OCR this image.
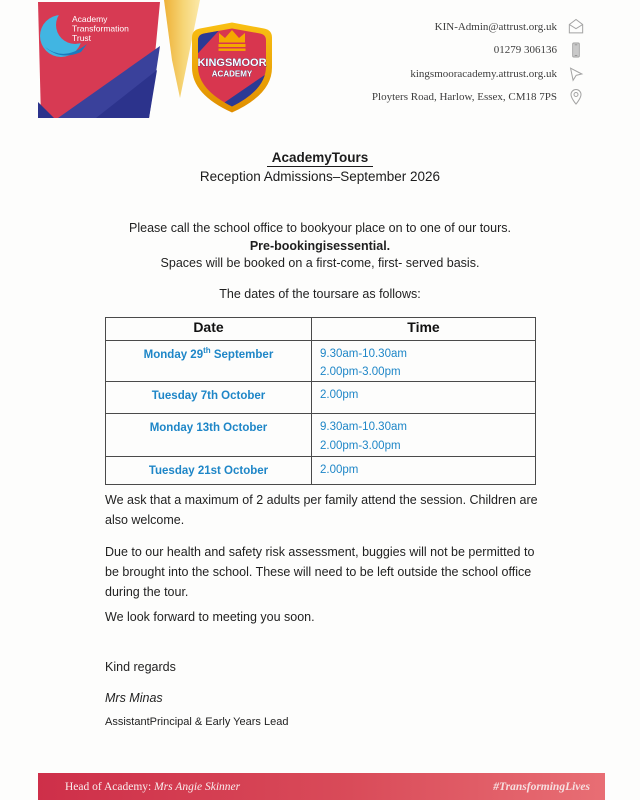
Academy
Transformation
Trust
KINGSMOOR
ACADEMY
KIN-Admin@attrust.org.uk
01279 306136
kingsmooracademy.attrust.org.uk
Ployters Road, Harlow, Essex, CM18 7PS
AcademyTours
Reception Admissions–September 2026
Please call the school office to bookyour place on to one of our tours.
Pre-bookingisessential.
Spaces will be booked on a first-come, first- served basis.
The dates of the toursare as follows:
Date	Time
Monday 29th September	9.30am-10.30am
2.00pm-3.00pm

Tuesday 7th October	2.00pm

Monday 13th October	9.30am-10.30am
2.00pm-3.00pm

Tuesday 21st October	2.00pm
We ask that a maximum of 2 adults per family attend the session. Children are also welcome.
Due to our health and safety risk assessment, buggies will not be permitted to be brought into the school. These will need to be left outside the school office during the tour.
We look forward to meeting you soon.
Kind regards
Mrs Minas
AssistantPrincipal & Early Years Lead
Head of Academy: Mrs Angie Skinner	#TransformingLives
